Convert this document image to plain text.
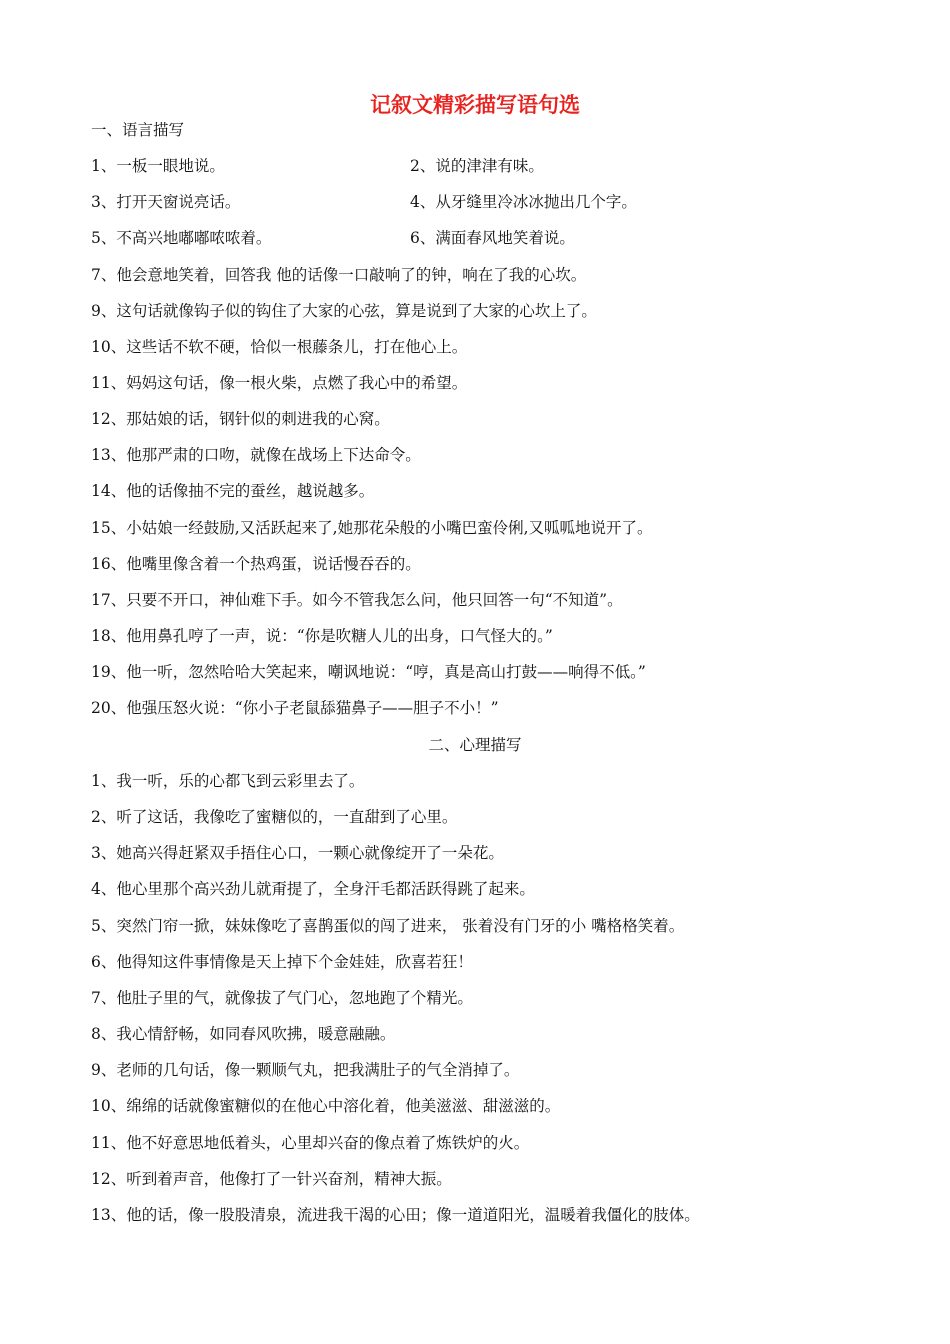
记叙文精彩描写语句选
一、语言描写
1、一板一眼地说。	2、说的津津有味。
3、打开天窗说亮话。	4、从牙缝里冷冰冰抛出几个字。
5、不高兴地嘟嘟哝哝着。	6、满面春风地笑着说。
7、他会意地笑着，回答我 他的话像一口敲响了的钟，响在了我的心坎。
9、这句话就像钩子似的钩住了大家的心弦，算是说到了大家的心坎上了。
10、这些话不软不硬，恰似一根藤条儿，打在他心上。
11、妈妈这句话，像一根火柴，点燃了我心中的希望。
12、那姑娘的话，钢针似的刺进我的心窝。
13、他那严肃的口吻，就像在战场上下达命令。
14、他的话像抽不完的蚕丝，越说越多。
15、小姑娘一经鼓励,又活跃起来了,她那花朵般的小嘴巴蛮伶俐,又呱呱地说开了。
16、他嘴里像含着一个热鸡蛋，说话慢吞吞的。
17、只要不开口，神仙难下手。如今不管我怎么问，他只回答一句“不知道”。
18、他用鼻孔哼了一声，说：“你是吹糖人儿的出身，口气怪大的。”
19、他一听，忽然哈哈大笑起来，嘲讽地说：“哼，真是高山打鼓——响得不低。”
20、他强压怒火说：“你小子老鼠舔猫鼻子——胆子不小！”
二、心理描写
1、我一听，乐的心都飞到云彩里去了。
2、听了这话，我像吃了蜜糖似的，一直甜到了心里。
3、她高兴得赶紧双手捂住心口，一颗心就像绽开了一朵花。
4、他心里那个高兴劲儿就甭提了，全身汗毛都活跃得跳了起来。
5、突然门帘一掀，妹妹像吃了喜鹊蛋似的闯了进来， 张着没有门牙的小 嘴格格笑着。
6、他得知这件事情像是天上掉下个金娃娃，欣喜若狂！
7、他肚子里的气，就像拔了气门心，忽地跑了个精光。
8、我心情舒畅，如同春风吹拂，暖意融融。
9、老师的几句话，像一颗顺气丸，把我满肚子的气全消掉了。
10、绵绵的话就像蜜糖似的在他心中溶化着，他美滋滋、甜滋滋的。
11、他不好意思地低着头，心里却兴奋的像点着了炼铁炉的火。
12、听到着声音，他像打了一针兴奋剂，精神大振。
13、他的话，像一股股清泉，流进我干渴的心田；像一道道阳光，温暖着我僵化的肢体。
